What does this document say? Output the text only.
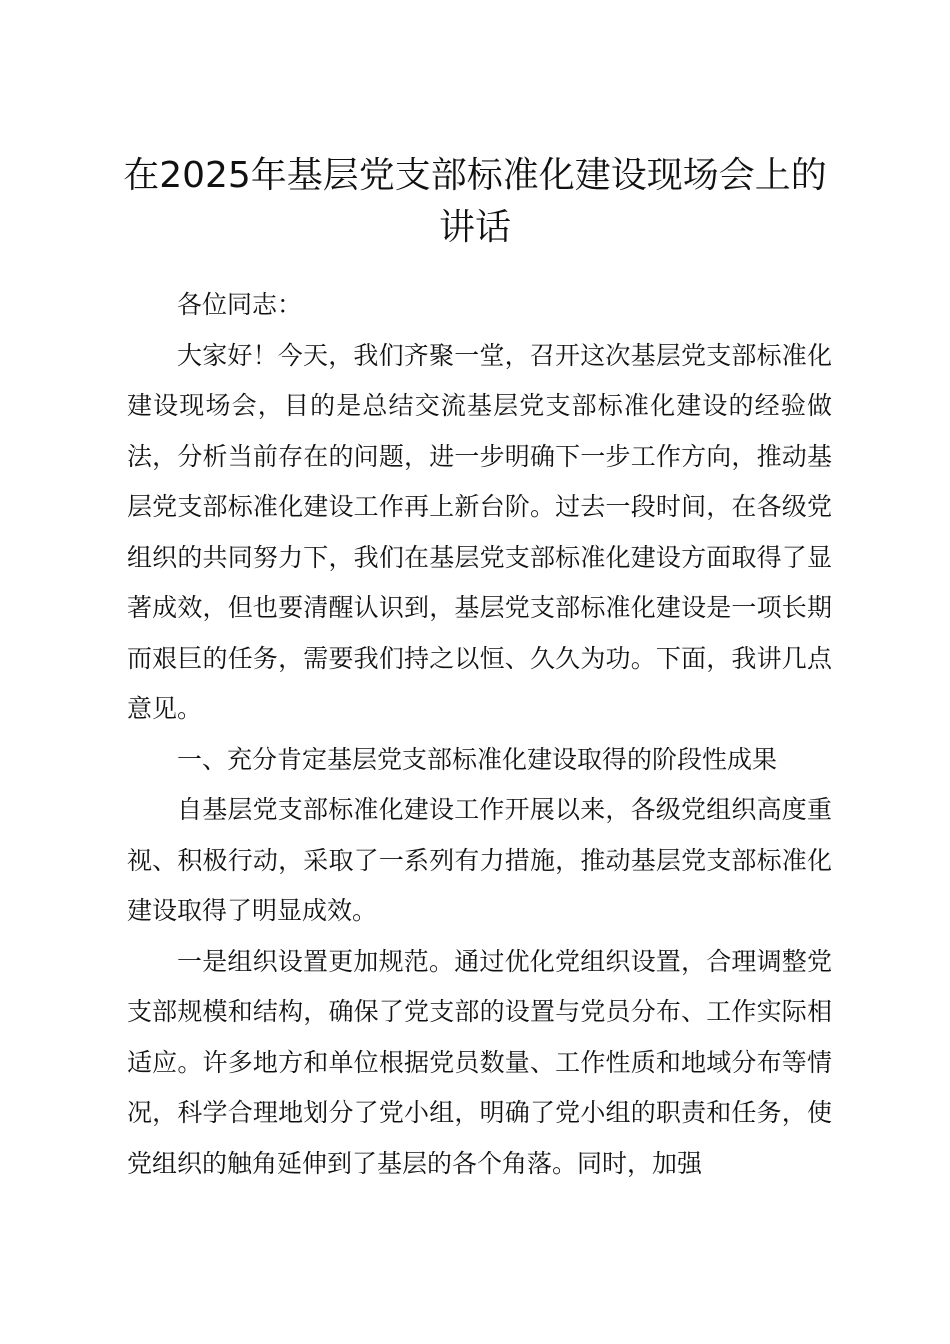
在2025年基层党支部标准化建设现场会上的讲话

各位同志：

大家好！今天，我们齐聚一堂，召开这次基层党支部标准化建设现场会，目的是总结交流基层党支部标准化建设的经验做法，分析当前存在的问题，进一步明确下一步工作方向，推动基层党支部标准化建设工作再上新台阶。过去一段时间，在各级党组织的共同努力下，我们在基层党支部标准化建设方面取得了显著成效，但也要清醒认识到，基层党支部标准化建设是一项长期而艰巨的任务，需要我们持之以恒、久久为功。下面，我讲几点意见。

一、充分肯定基层党支部标准化建设取得的阶段性成果

自基层党支部标准化建设工作开展以来，各级党组织高度重视、积极行动，采取了一系列有力措施，推动基层党支部标准化建设取得了明显成效。

一是组织设置更加规范。通过优化党组织设置，合理调整党支部规模和结构，确保了党支部的设置与党员分布、工作实际相适应。许多地方和单位根据党员数量、工作性质和地域分布等情况，科学合理地划分了党小组，明确了党小组的职责和任务，使党组织的触角延伸到了基层的各个角落。同时，加强
